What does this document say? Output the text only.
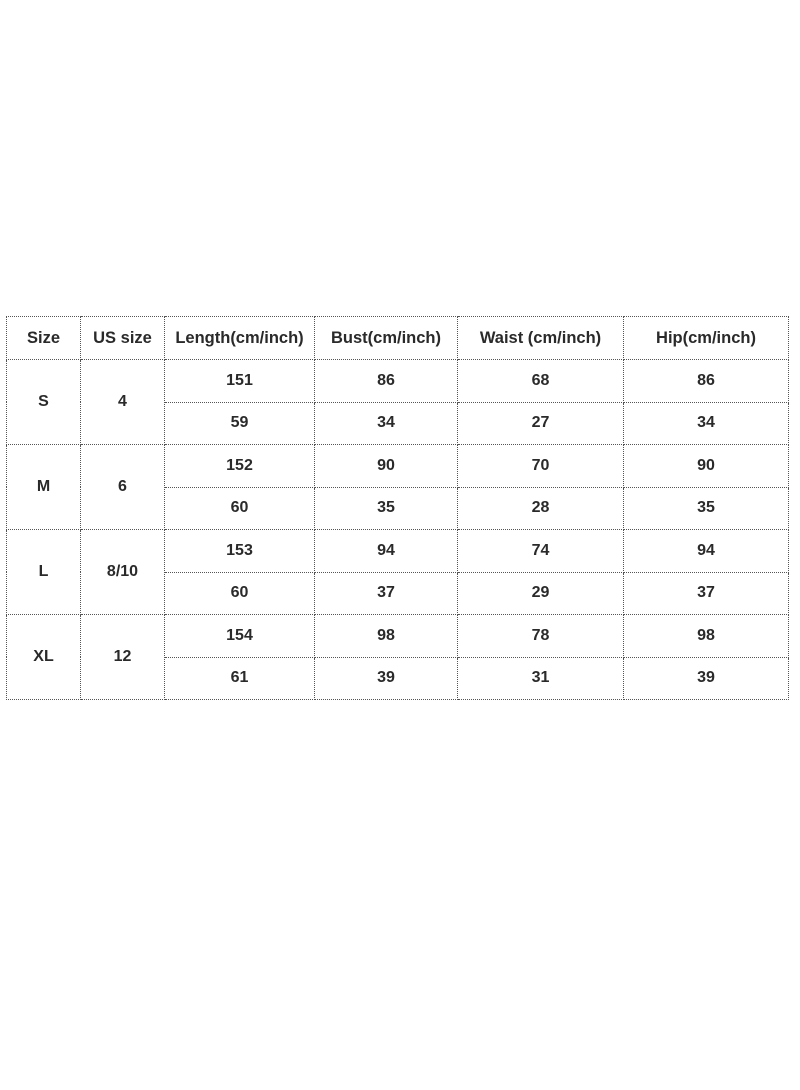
Size	US size	Length(cm/inch)	Bust(cm/inch)	Waist (cm/inch)	Hip(cm/inch)
S	4	151	86	68	86
		59	34	27	34
M	6	152	90	70	90
		60	35	28	35
L	8/10	153	94	74	94
		60	37	29	37
XL	12	154	98	78	98
		61	39	31	39
